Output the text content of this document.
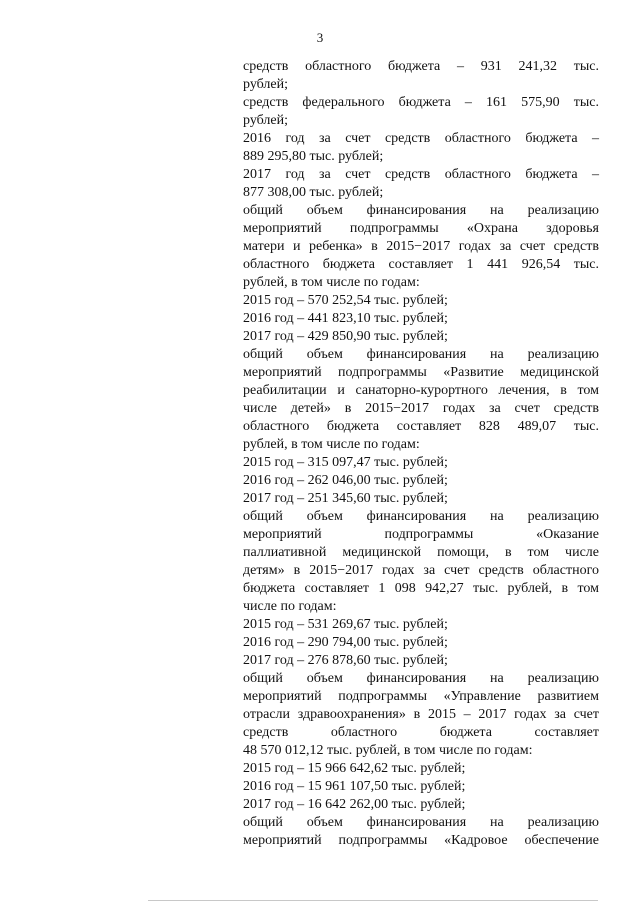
3
средств областного бюджета – 931 241,32 тыс.
рублей;
средств федерального бюджета – 161 575,90 тыс.
рублей;
2016 год за счет средств областного бюджета –
889 295,80 тыс. рублей;
2017 год за счет средств областного бюджета –
877 308,00 тыс. рублей;
общий объем финансирования на реализацию
мероприятий подпрограммы «Охрана здоровья
матери и ребенка» в 2015−2017 годах за счет средств
областного бюджета составляет 1 441 926,54 тыс.
рублей, в том числе по годам:
2015 год – 570 252,54 тыс. рублей;
2016 год – 441 823,10 тыс. рублей;
2017 год – 429 850,90 тыс. рублей;
общий объем финансирования на реализацию
мероприятий подпрограммы «Развитие медицинской
реабилитации и санаторно-курортного лечения, в том
числе детей» в 2015−2017 годах за счет средств
областного бюджета составляет 828 489,07 тыс.
рублей, в том числе по годам:
2015 год – 315 097,47 тыс. рублей;
2016 год – 262 046,00 тыс. рублей;
2017 год – 251 345,60 тыс. рублей;
общий объем финансирования на реализацию
мероприятий подпрограммы «Оказание
паллиативной медицинской помощи, в том числе
детям» в 2015−2017 годах за счет средств областного
бюджета составляет 1 098 942,27 тыс. рублей, в том
числе по годам:
2015 год – 531 269,67 тыс. рублей;
2016 год – 290 794,00 тыс. рублей;
2017 год – 276 878,60 тыс. рублей;
общий объем финансирования на реализацию
мероприятий подпрограммы «Управление развитием
отрасли здравоохранения» в 2015 – 2017 годах за счет
средств областного бюджета составляет
48 570 012,12 тыс. рублей, в том числе по годам:
2015 год – 15 966 642,62 тыс. рублей;
2016 год – 15 961 107,50 тыс. рублей;
2017 год – 16 642 262,00 тыс. рублей;
общий объем финансирования на реализацию
мероприятий подпрограммы «Кадровое обеспечение
